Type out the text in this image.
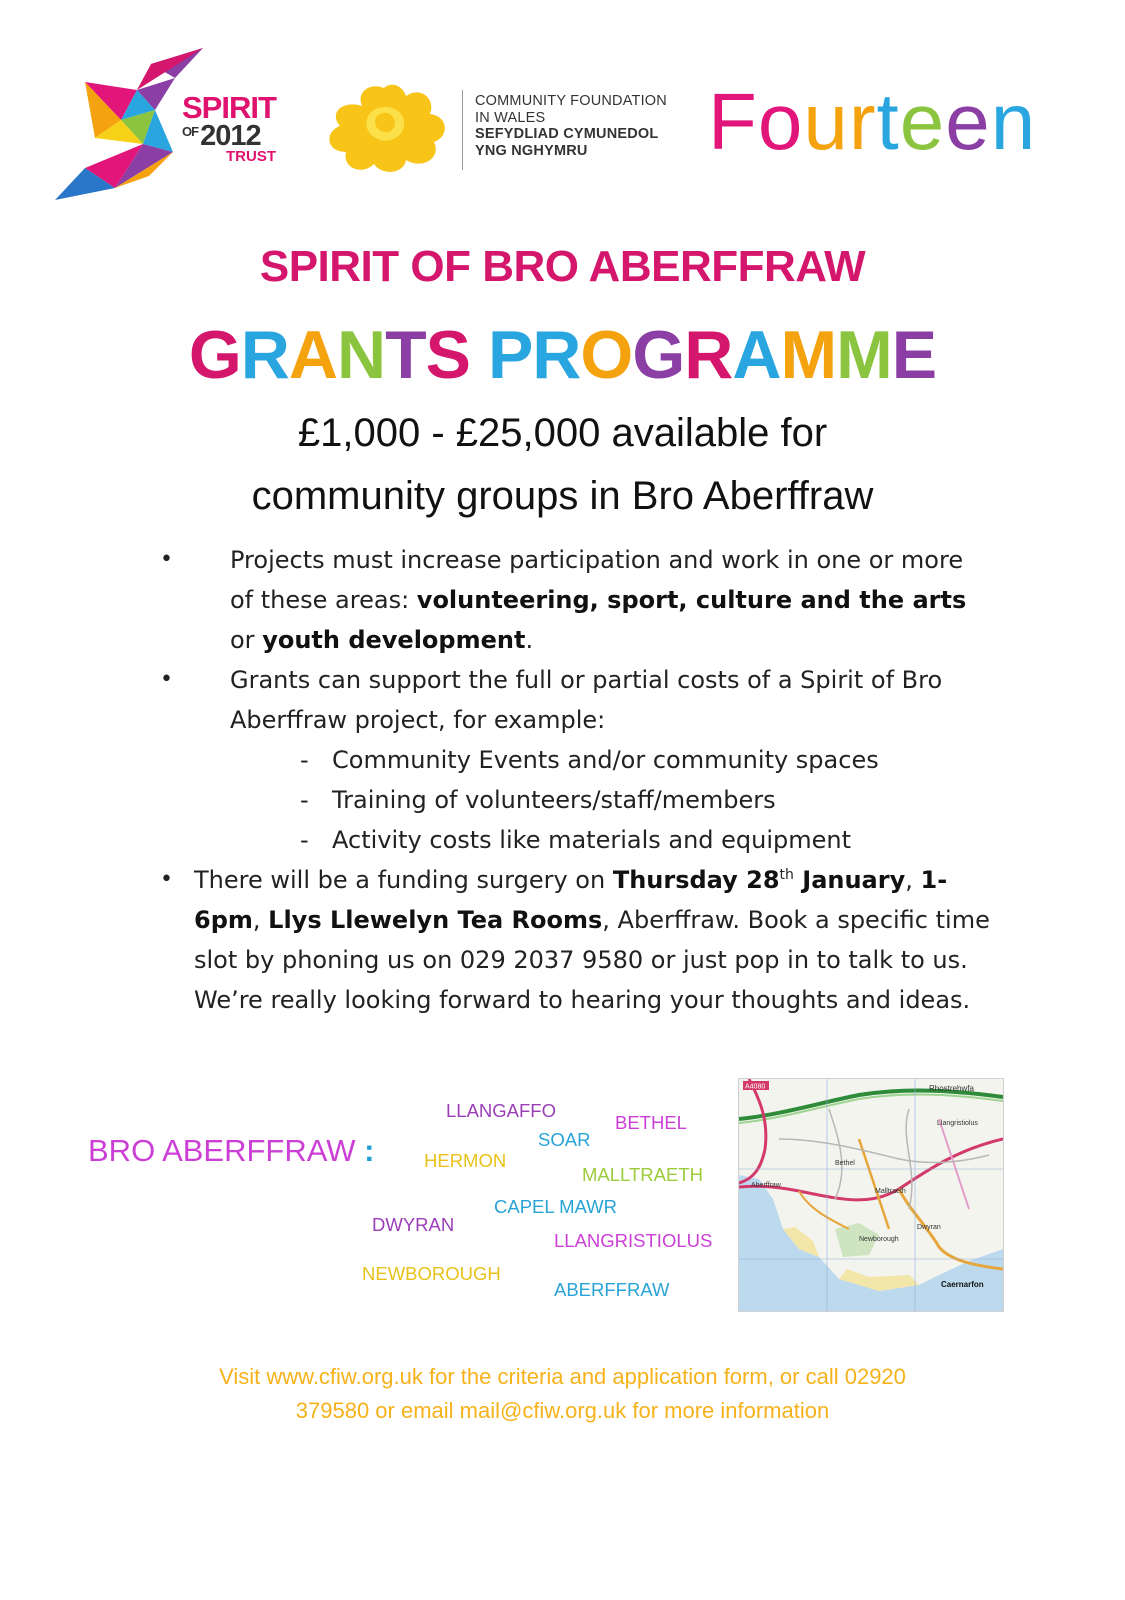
SPIRIT
$^{OF}$2012
TRUST
COMMUNITY FOUNDATION
IN WALES
SEFYDLIAD CYMUNEDOL
YNG NGHYMRU	Fourteen
SPIRIT OF BRO ABERFFRAW
GRANTS PROGRAMME
£1,000 - £25,000 available for
community groups in Bro Aberffraw
•	Projects must increase participation and work in one or more of these areas: volunteering, sport, culture and the arts or youth development.
•	Grants can support the full or partial costs of a Spirit of Bro Aberffraw project, for example:
- Community Events and/or community spaces
- Training of volunteers/staff/members
- Activity costs like materials and equipment
• There will be a funding surgery on Thursday 28th January, 1-6pm, Llys Llewelyn Tea Rooms, Aberffraw. Book a specific time slot by phoning us on 029 2037 9580 or just pop in to talk to us. We’re really looking forward to hearing your thoughts and ideas.
BRO ABERFFRAW :
LLANGAFFO
BETHEL
SOAR
HERMON
MALLTRAETH
CAPEL MAWR
DWYRAN
LLANGRISTIOLUS
NEWBOROUGH
ABERFFRAW
Rhostrehwfa
Llangristiolus
Bethel
Aberffraw
Malltraeth
Dwyran
Newborough
Caernarfon
A4080
Visit www.cfiw.org.uk for the criteria and application form, or call 02920
379580 or email mail@cfiw.org.uk for more information
